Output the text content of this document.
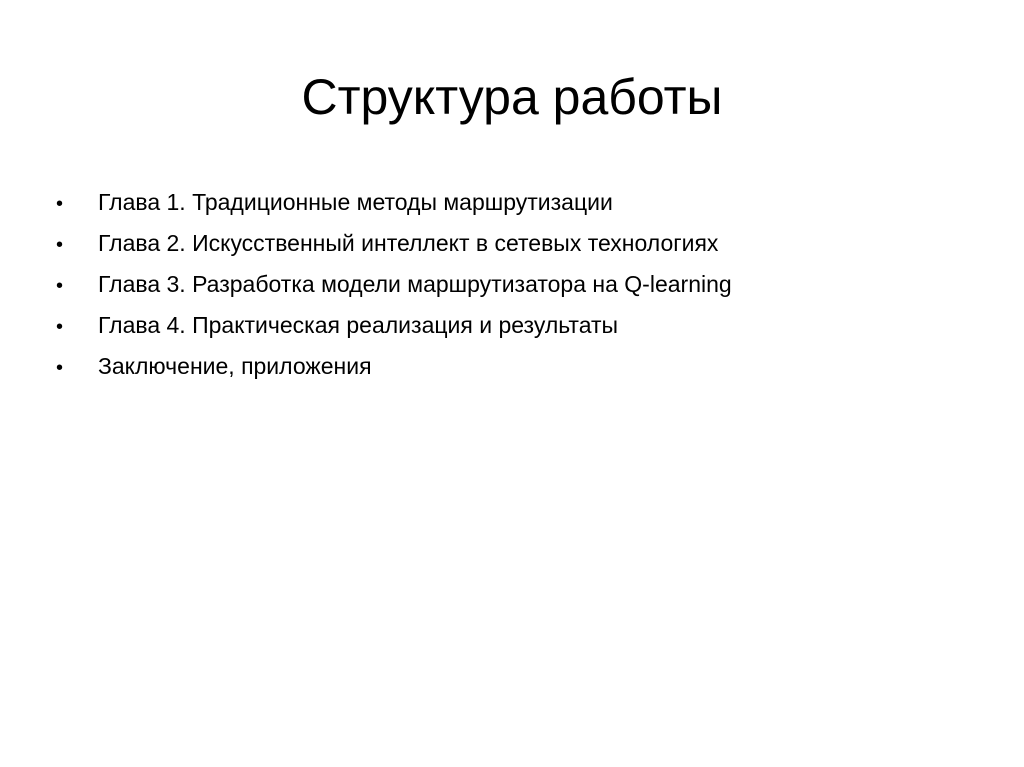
Структура работы
•	Глава 1. Традиционные методы маршрутизации
•	Глава 2. Искусственный интеллект в сетевых технологиях
•	Глава 3. Разработка модели маршрутизатора на Q-learning
•	Глава 4. Практическая реализация и результаты
•	Заключение, приложения
